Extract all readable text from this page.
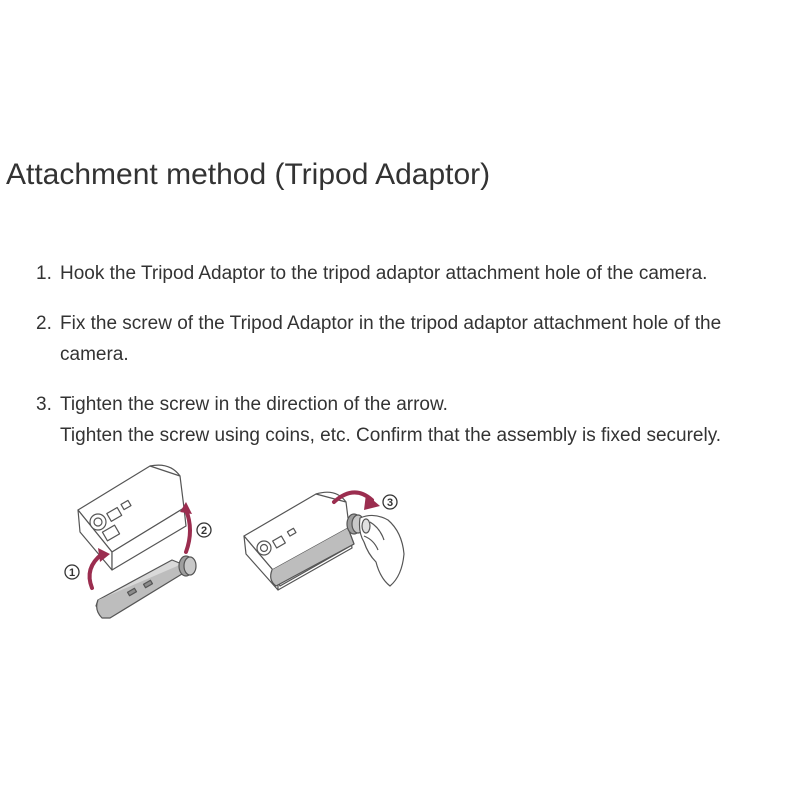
Attachment method (Tripod Adaptor)
1. Hook the Tripod Adaptor to the tripod adaptor attachment hole of the camera.
2. Fix the screw of the Tripod Adaptor in the tripod adaptor attachment hole of the
camera.
3. Tighten the screw in the direction of the arrow.
Tighten the screw using coins, etc. Confirm that the assembly is fixed securely.
1
2
3
